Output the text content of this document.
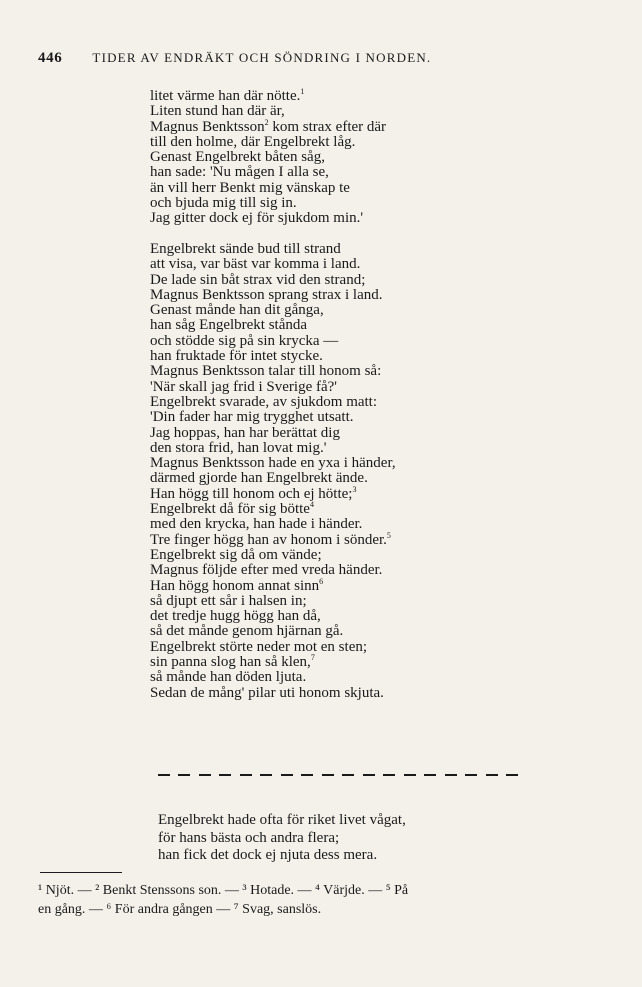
446 TIDER AV ENDRÄKT OCH SÖNDRING I NORDEN.
litet värme han där nötte.$^1$
Liten stund han där är,
Magnus Benktsson$^2$ kom strax efter där
till den holme, där Engelbrekt låg.
Genast Engelbrekt båten såg,
han sade: 'Nu mågen I alla se,
än vill herr Benkt mig vänskap te
och bjuda mig till sig in.
Jag gitter dock ej för sjukdom min.'
Engelbrekt sände bud till strand
att visa, var bäst var komma i land.
De lade sin båt strax vid den strand;
Magnus Benktsson sprang strax i land.
Genast månde han dit gånga,
han såg Engelbrekt stånda
och stödde sig på sin krycka —
han fruktade för intet stycke.
Magnus Benktsson talar till honom så:
'När skall jag frid i Sverige få?'
Engelbrekt svarade, av sjukdom matt:
'Din fader har mig trygghet utsatt.
Jag hoppas, han har berättat dig
den stora frid, han lovat mig.'
Magnus Benktsson hade en yxa i händer,
därmed gjorde han Engelbrekt ände.
Han högg till honom och ej hötte;$^3$
Engelbrekt då för sig bötte$^4$
med den krycka, han hade i händer.
Tre finger högg han av honom i sönder.$^5$
Engelbrekt sig då om vände;
Magnus följde efter med vreda händer.
Han högg honom annat sinn$^6$
så djupt ett sår i halsen in;
det tredje hugg högg han då,
så det månde genom hjärnan gå.
Engelbrekt störte neder mot en sten;
sin panna slog han så klen,$^7$
så månde han döden ljuta.
Sedan de mång' pilar uti honom skjuta.
Engelbrekt hade ofta för riket livet vågat,
för hans bästa och andra flera;
han fick det dock ej njuta dess mera.
¹ Njöt. — ² Benkt Stenssons son. — ³ Hotade. — ⁴ Värjde. — ⁵ På
en gång. — ⁶ För andra gången — ⁷ Svag, sanslös.
